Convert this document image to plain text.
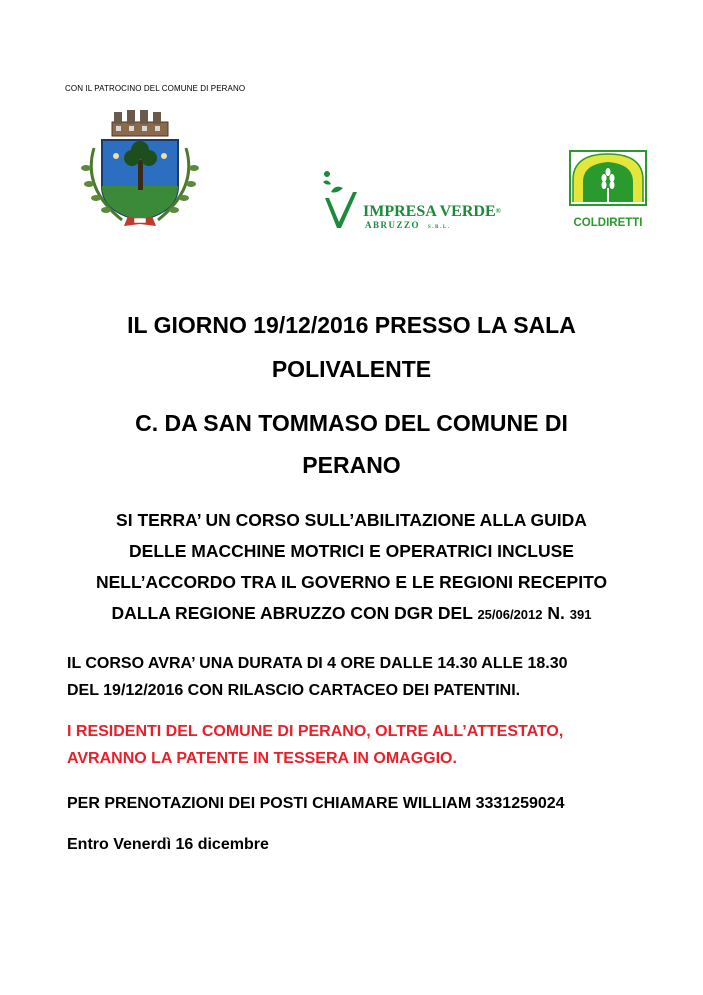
CON IL PATROCINO DEL COMUNE DI PERANO
IMPRESA VERDE®
ABRUZZO S.R.L.	COLDIRETTI
IL GIORNO 19/12/2016 PRESSO LA SALA
POLIVALENTE
C. DA SAN TOMMASO DEL COMUNE DI
PERANO
SI TERRA’ UN CORSO SULL’ABILITAZIONE ALLA GUIDA
DELLE MACCHINE MOTRICI E OPERATRICI INCLUSE
NELL’ACCORDO TRA IL GOVERNO E LE REGIONI RECEPITO
DALLA REGIONE ABRUZZO CON DGR DEL 25/06/2012 N. 391
IL CORSO AVRA’ UNA DURATA DI 4 ORE DALLE 14.30 ALLE 18.30
DEL 19/12/2016 CON RILASCIO CARTACEO DEI PATENTINI.
I RESIDENTI DEL COMUNE DI PERANO, OLTRE ALL’ATTESTATO,
AVRANNO LA PATENTE IN TESSERA IN OMAGGIO.
PER PRENOTAZIONI DEI POSTI CHIAMARE WILLIAM 3331259024
Entro Venerdì 16 dicembre
